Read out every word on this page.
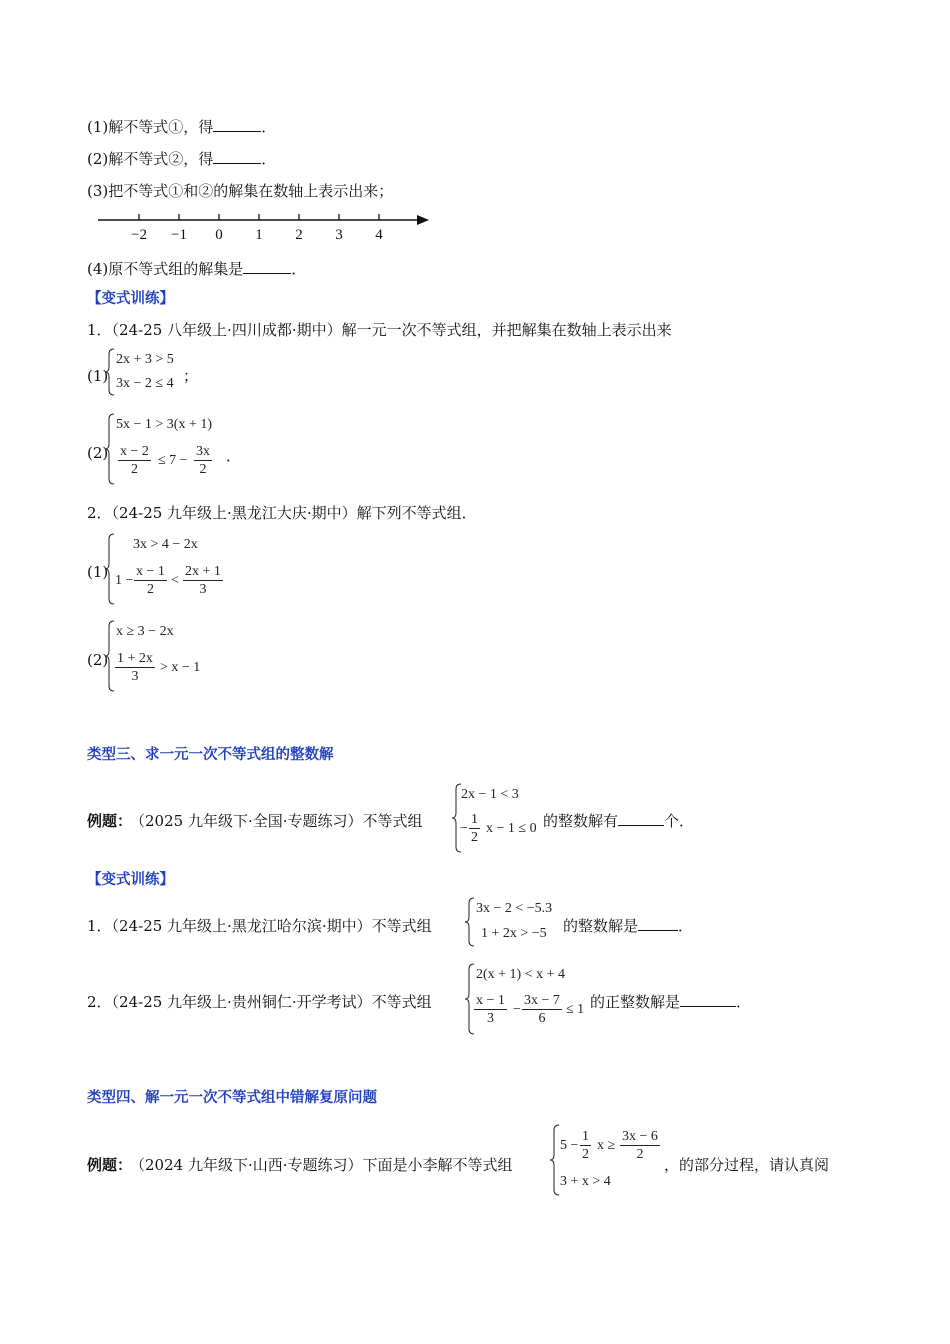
(1)解不等式①，得	．
(2)解不等式②，得	．
(3)把不等式①和②的解集在数轴上表示出来；
−2 −1 0 1 2 3 4
(4)原不等式组的解集是	．
【变式训练】
1．（24-25 八年级上·四川成都·期中）解一元一次不等式组，并把解集在数轴上表示出来
(1)
2x + 3 > 5
3x − 2 ≤ 4 ；
(2)
5x − 1 > 3(x + 1)
$\frac{x - 2}{2} \le 7 - \frac{3x}{2}$ ．
2．（24-25 九年级上·黑龙江大庆·期中）解下列不等式组．
(1)
3x > 4 − 2x
$1 - \frac{x - 1}{2} < \frac{2x + 1}{3}$
(2)
x ≥ 3 − 2x
$\frac{1 + 2x}{3} > x - 1$
类型三、求一元一次不等式组的整数解
例题：
（2025 九年级下·全国·专题练习）不等式组
2x − 1 < 3
− $\frac{1}{2}$ x − 1 ≤ 0 的整数解有	个．
【变式训练】
1．（24-25 九年级上·黑龙江哈尔滨·期中）不等式组
3x − 2 < −5.3
1 + 2x > −5 的整数解是	．
2．（24-25 九年级上·贵州铜仁·开学考试）不等式组
2(x + 1) < x + 4
$\frac{x - 1}{3} - \frac{3x - 7}{6} \le 1$ 的正整数解是	．
类型四、解一元一次不等式组中错解复原问题
例题：
（2024 九年级下·山西·专题练习）下面是小李解不等式组
$5 - \frac{1}{2}$ $x \ge \frac{3x - 6}{2}$
3 + x > 4
，的部分过程，请认真阅
